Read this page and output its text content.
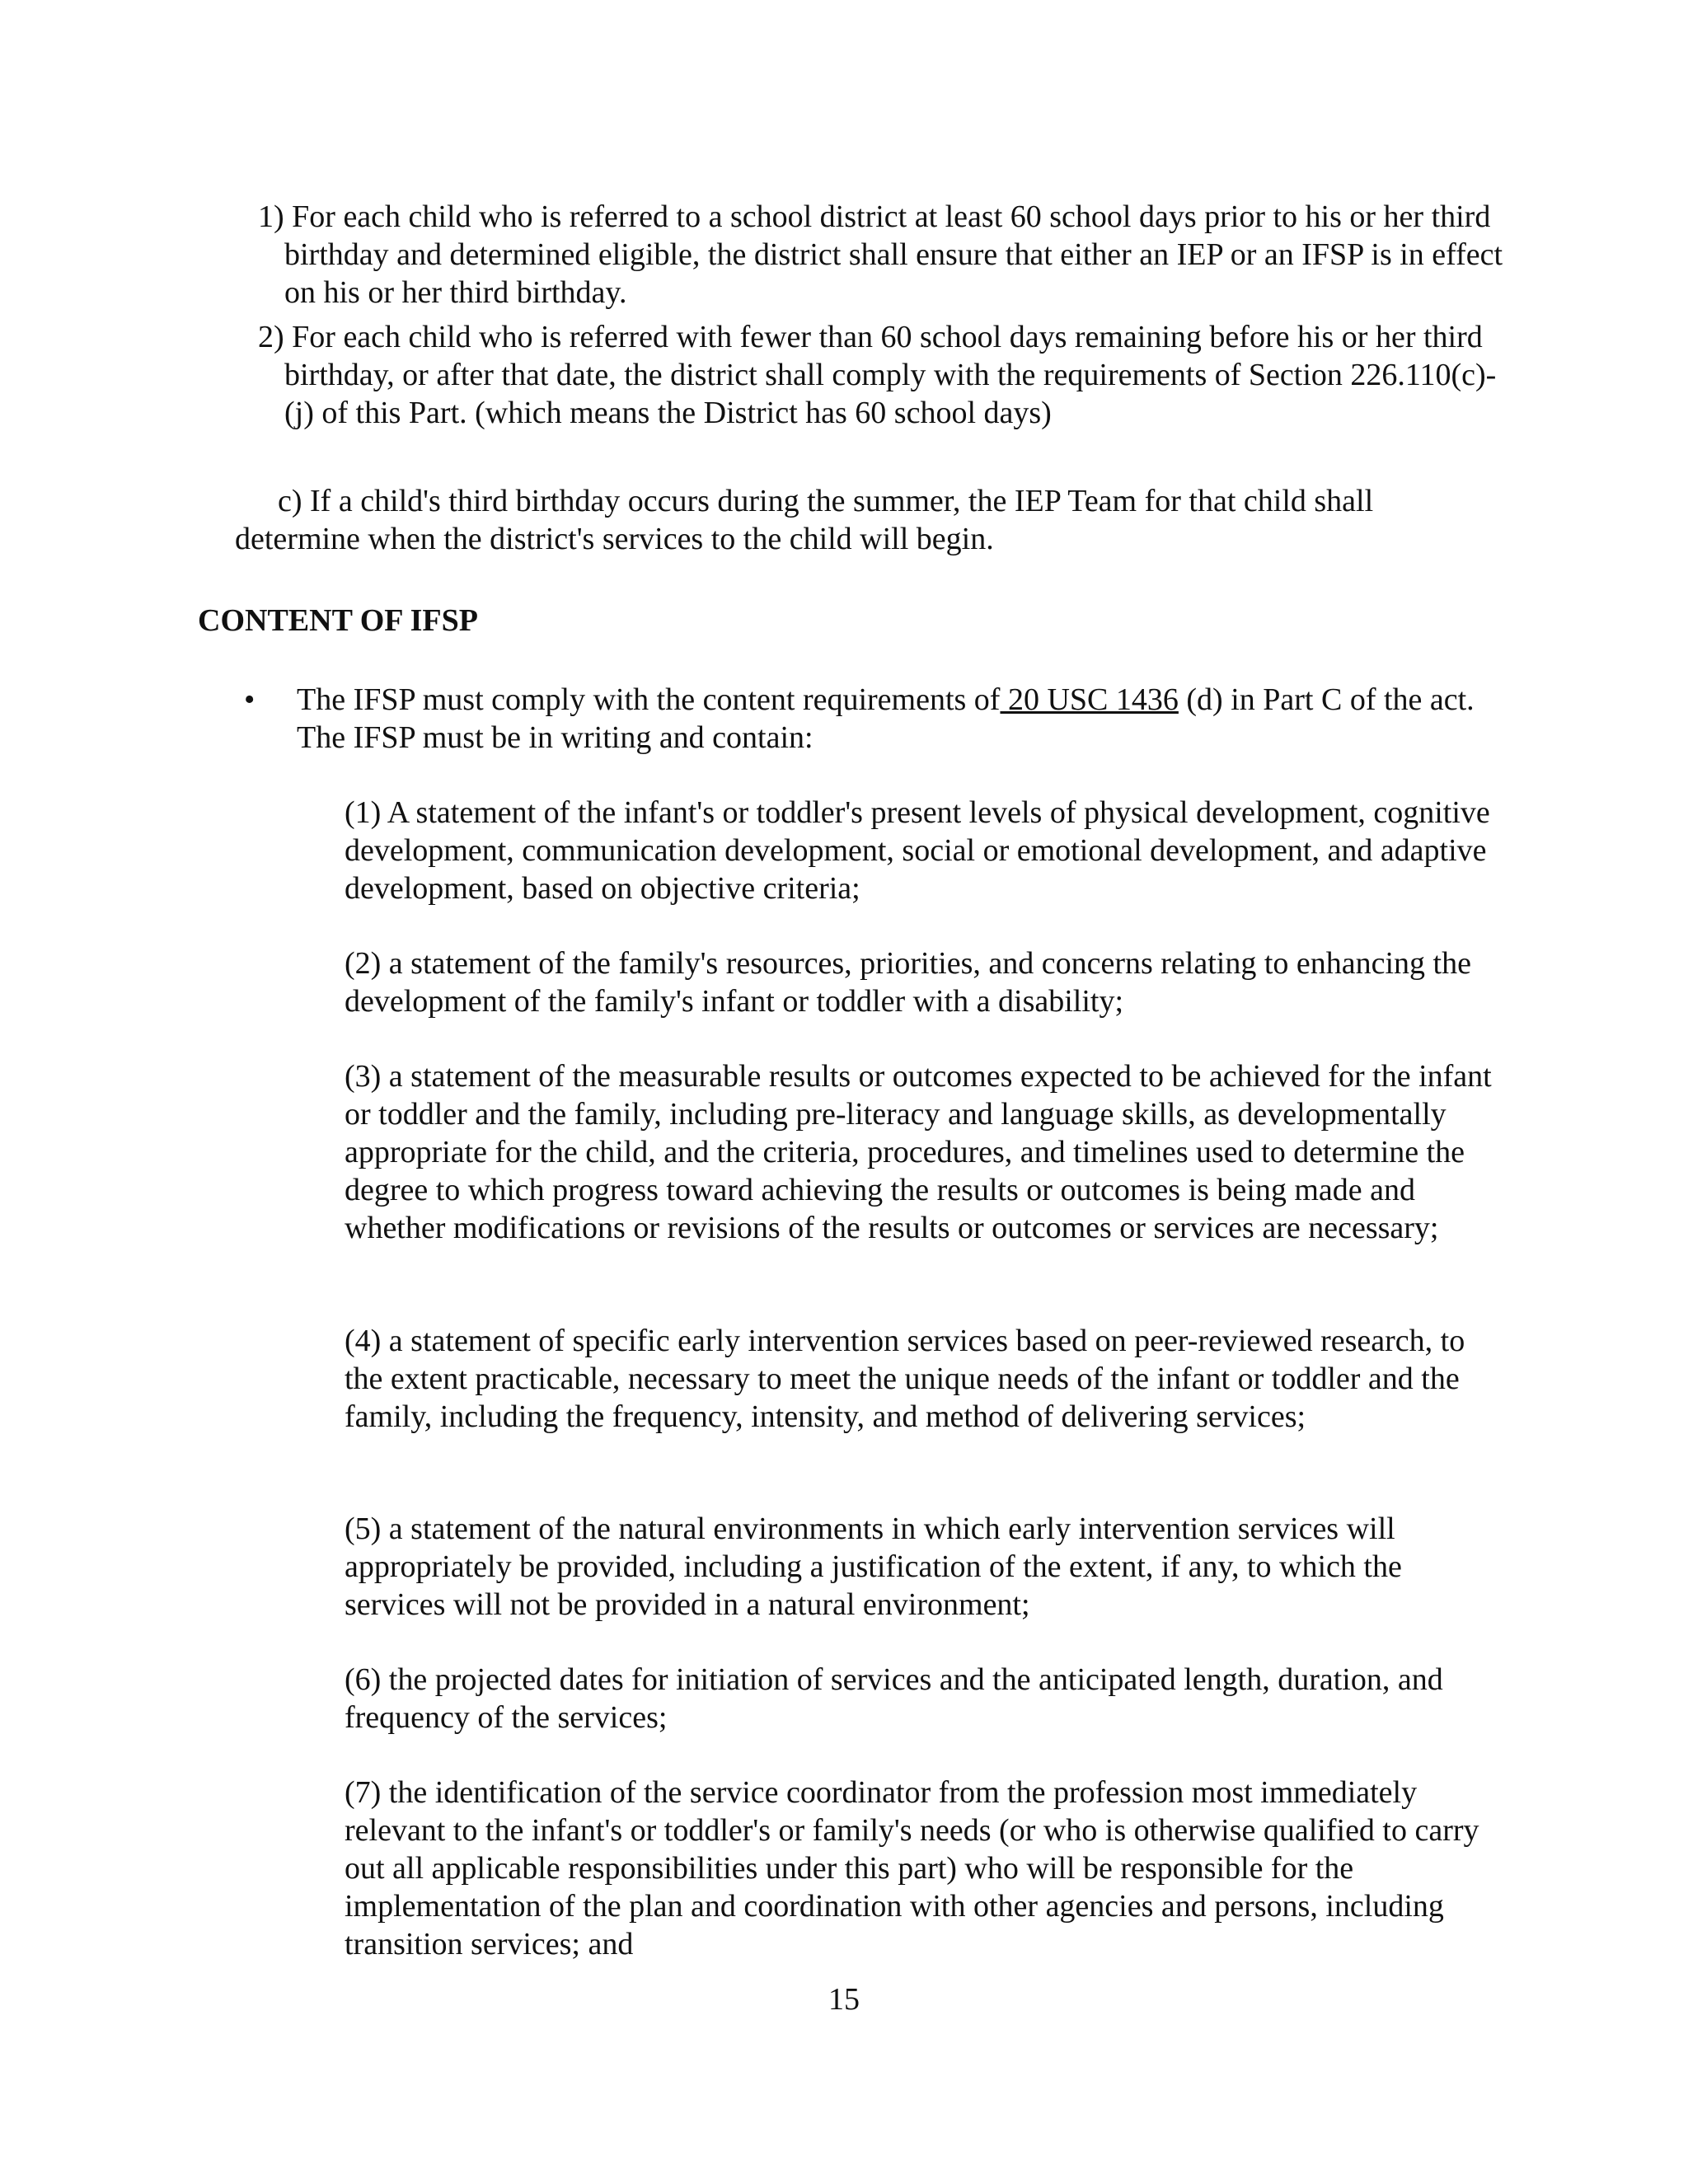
1) For each child who is referred to a school district at least 60 school days prior to his or her third birthday and determined eligible, the district shall ensure that either an IEP or an IFSP is in effect on his or her third birthday.

2) For each child who is referred with fewer than 60 school days remaining before his or her third birthday, or after that date, the district shall comply with the requirements of Section 226.110(c)-(j) of this Part. (which means the District has 60 school days)

c) If a child's third birthday occurs during the summer, the IEP Team for that child shall determine when the district's services to the child will begin.

CONTENT OF IFSP
• The IFSP must comply with the content requirements of 20 USC 1436 (d) in Part C of the act. The IFSP must be in writing and contain:

(1) A statement of the infant's or toddler's present levels of physical development, cognitive development, communication development, social or emotional development, and adaptive development, based on objective criteria;

(2) a statement of the family's resources, priorities, and concerns relating to enhancing the development of the family's infant or toddler with a disability;

(3) a statement of the measurable results or outcomes expected to be achieved for the infant or toddler and the family, including pre-literacy and language skills, as developmentally appropriate for the child, and the criteria, procedures, and timelines used to determine the degree to which progress toward achieving the results or outcomes is being made and whether modifications or revisions of the results or outcomes or services are necessary;

(4) a statement of specific early intervention services based on peer-reviewed research, to the extent practicable, necessary to meet the unique needs of the infant or toddler and the family, including the frequency, intensity, and method of delivering services;

(5) a statement of the natural environments in which early intervention services will appropriately be provided, including a justification of the extent, if any, to which the services will not be provided in a natural environment;

(6) the projected dates for initiation of services and the anticipated length, duration, and frequency of the services;

(7) the identification of the service coordinator from the profession most immediately relevant to the infant's or toddler's or family's needs (or who is otherwise qualified to carry out all applicable responsibilities under this part) who will be responsible for the implementation of the plan and coordination with other agencies and persons, including transition services; and

15
